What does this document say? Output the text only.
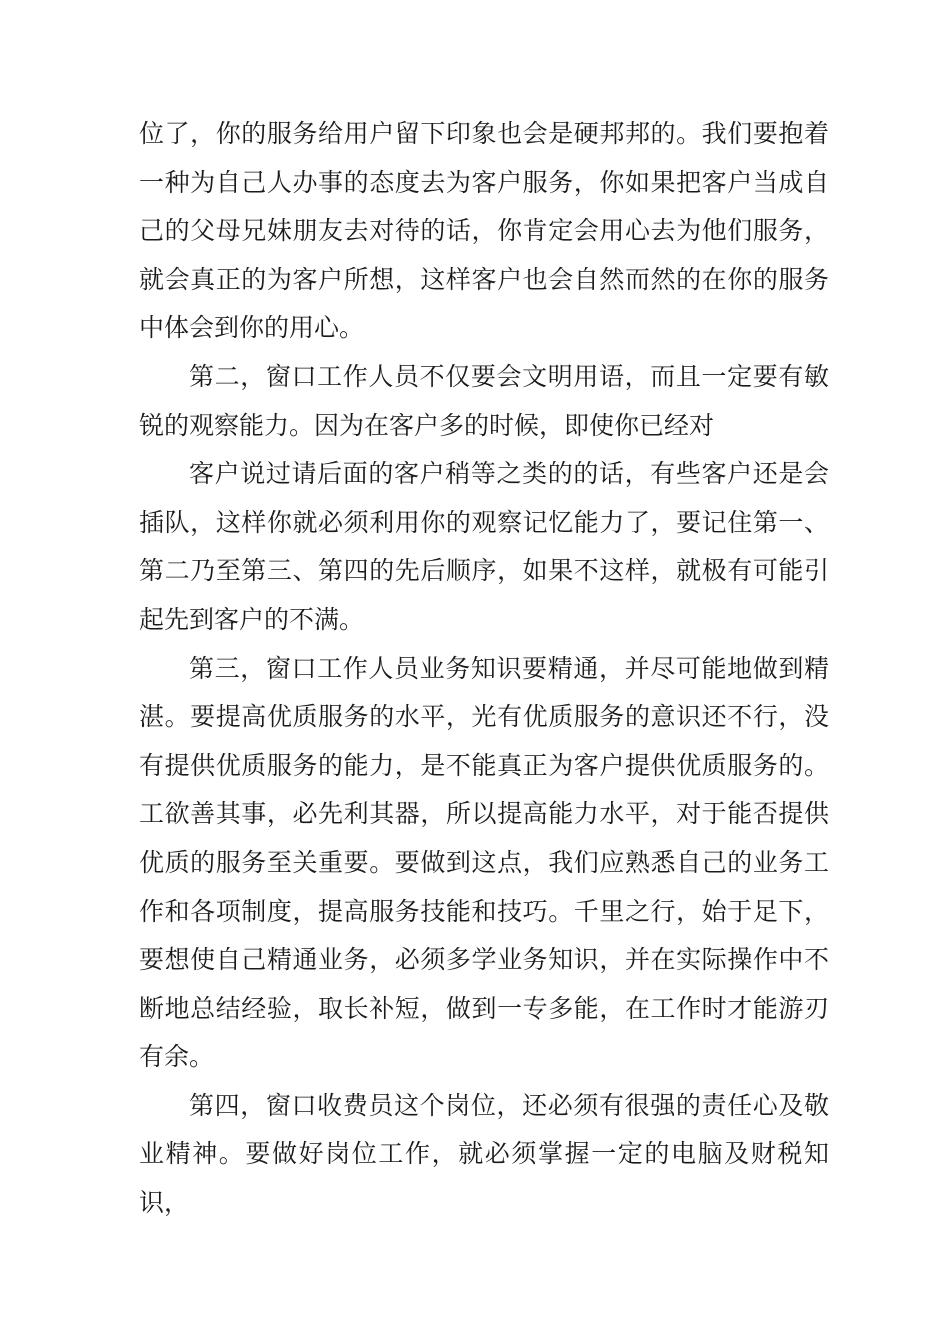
位了，你的服务给用户留下印象也会是硬邦邦的。我们要抱着一种为自己人办事的态度去为客户服务，你如果把客户当成自己的父母兄妹朋友去对待的话，你肯定会用心去为他们服务，就会真正的为客户所想，这样客户也会自然而然的在你的服务中体会到你的用心。

第二，窗口工作人员不仅要会文明用语，而且一定要有敏锐的观察能力。因为在客户多的时候，即使你已经对

客户说过请后面的客户稍等之类的的话，有些客户还是会插队，这样你就必须利用你的观察记忆能力了，要记住第一、第二乃至第三、第四的先后顺序，如果不这样，就极有可能引起先到客户的不满。

第三，窗口工作人员业务知识要精通，并尽可能地做到精湛。要提高优质服务的水平，光有优质服务的意识还不行，没有提供优质服务的能力，是不能真正为客户提供优质服务的。工欲善其事，必先利其器，所以提高能力水平，对于能否提供优质的服务至关重要。要做到这点，我们应熟悉自己的业务工作和各项制度，提高服务技能和技巧。千里之行，始于足下，要想使自己精通业务，必须多学业务知识，并在实际操作中不断地总结经验，取长补短，做到一专多能，在工作时才能游刃有余。

第四，窗口收费员这个岗位，还必须有很强的责任心及敬业精神。要做好岗位工作，就必须掌握一定的电脑及财税知识，
